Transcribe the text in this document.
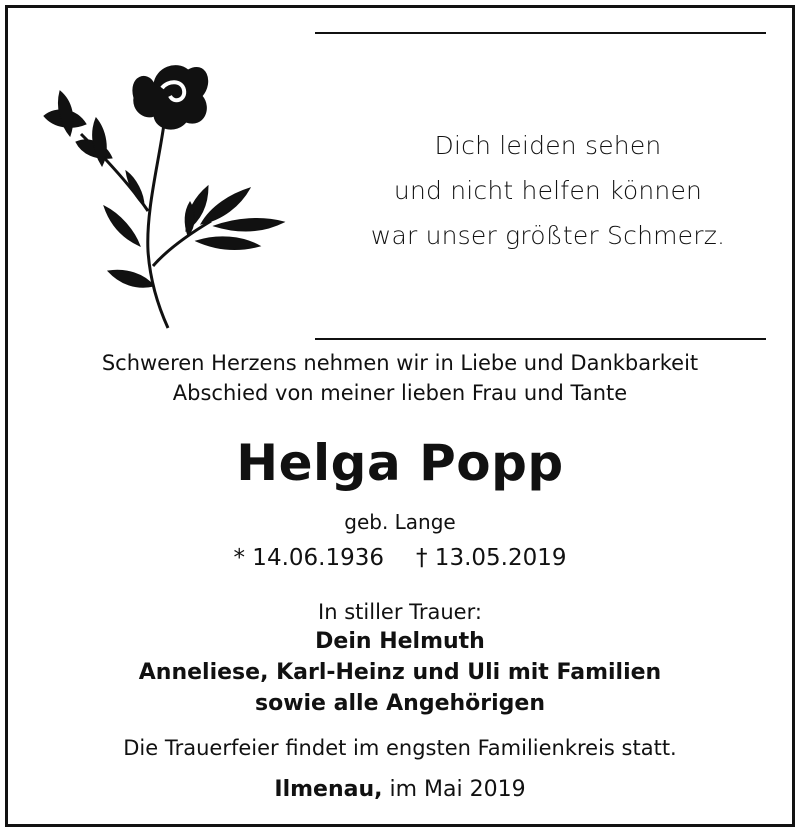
Dich leiden sehen
und nicht helfen können
war unser größter Schmerz.
Schweren Herzens nehmen wir in Liebe und Dankbarkeit
Abschied von meiner lieben Frau und Tante
Helga Popp
geb. Lange
* 14.06.1936 † 13.05.2019
In stiller Trauer:
Dein Helmuth
Anneliese, Karl-Heinz und Uli mit Familien
sowie alle Angehörigen
Die Trauerfeier findet im engsten Familienkreis statt.
Ilmenau, im Mai 2019
